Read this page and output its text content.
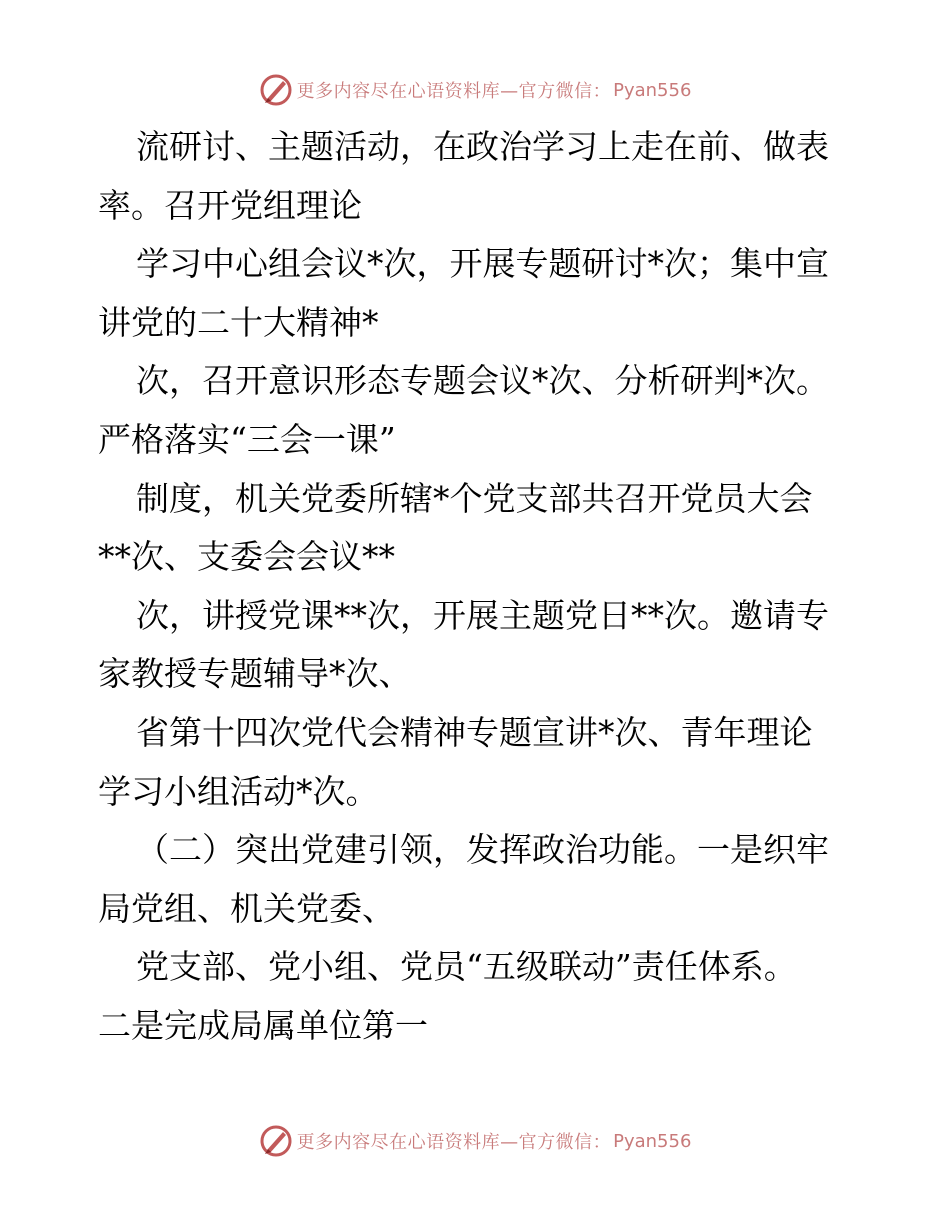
更多内容尽在心语资料库—官方微信： Pyan556
流研讨、主题活动，在政治学习上走在前、做表
率。召开党组理论
学习中心组会议*次，开展专题研讨*次；集中宣
讲党的二十大精神*
次，召开意识形态专题会议*次、分析研判*次。
严格落实“三会一课”
制度，机关党委所辖*个党支部共召开党员大会
**次、支委会会议**
次，讲授党课**次，开展主题党日**次。邀请专
家教授专题辅导*次、
省第十四次党代会精神专题宣讲*次、青年理论
学习小组活动*次。
（二）突出党建引领，发挥政治功能。一是织牢
局党组、机关党委、
党支部、党小组、党员“五级联动”责任体系。
二是完成局属单位第一
更多内容尽在心语资料库—官方微信： Pyan556
